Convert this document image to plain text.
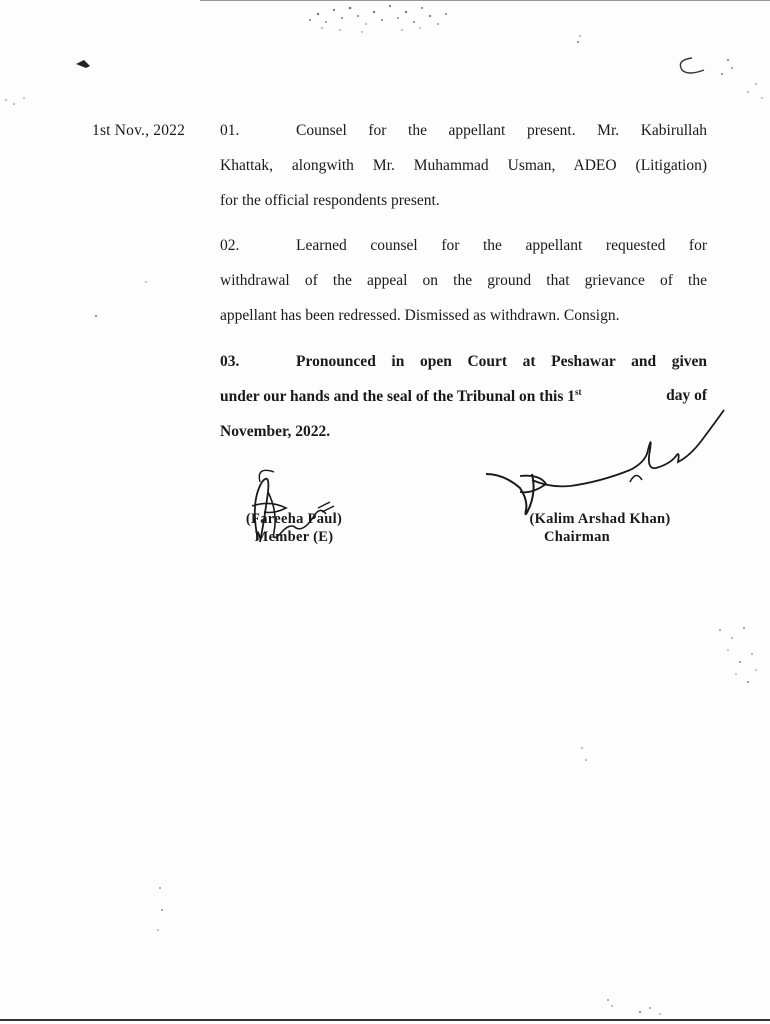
1st Nov., 2022 01.	Counsel for the appellant present. Mr. Kabirullah
Khattak, alongwith Mr. Muhammad Usman, ADEO (Litigation)
for the official respondents present.
02.	Learned counsel for the appellant requested for
withdrawal of the appeal on the ground that grievance of the
appellant has been redressed. Dismissed as withdrawn. Consign.
03.	Pronounced in open Court at Peshawar and given
under our hands and the seal of the Tribunal on this 1st	day of
November, 2022.
(Fareeha Paul)
Member (E)
(Kalim Arshad Khan)
Chairman
